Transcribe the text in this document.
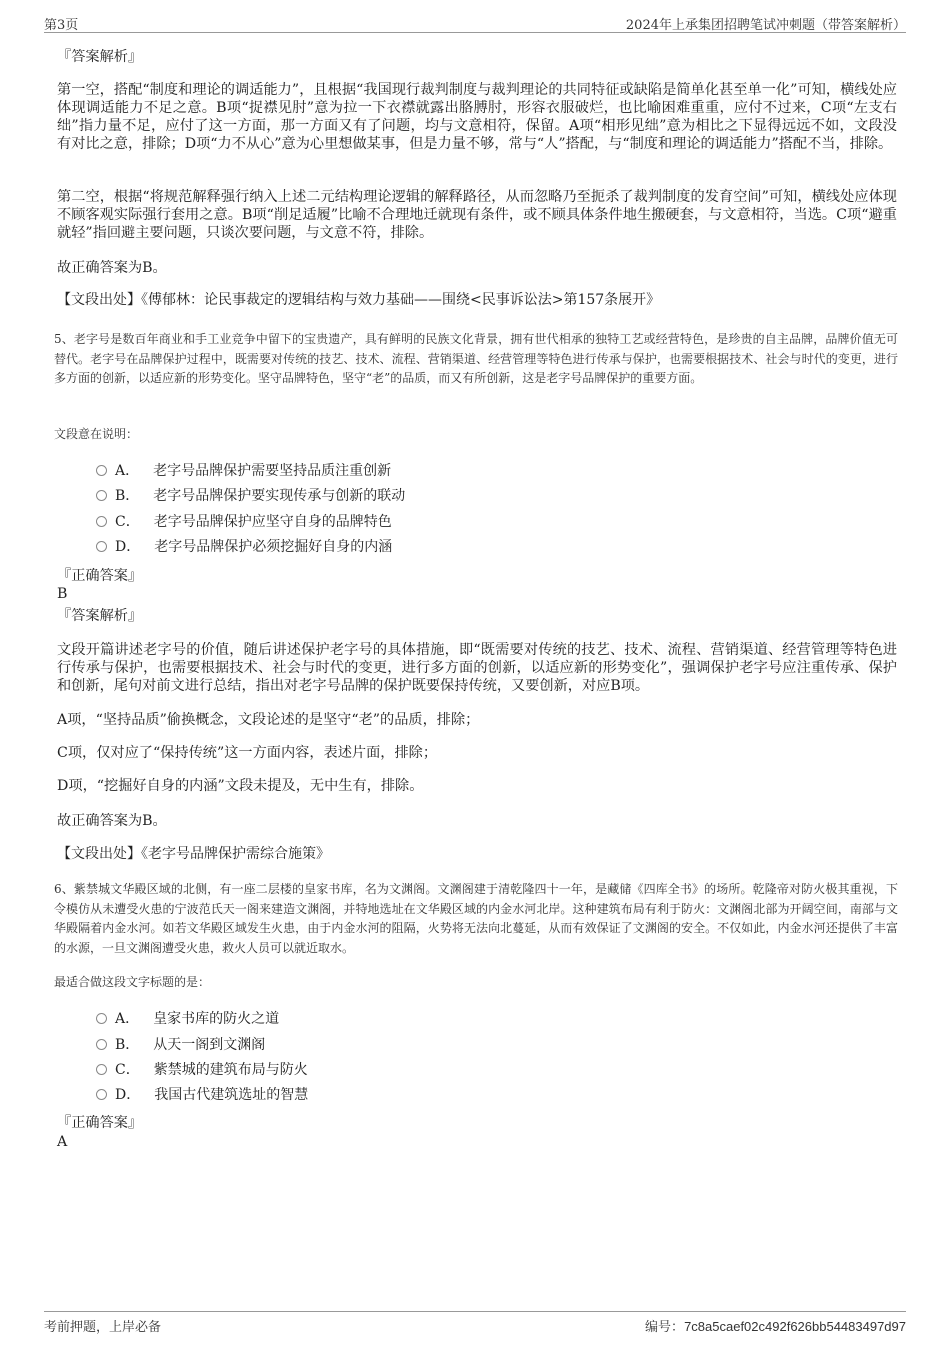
第3页	2024年上承集团招聘笔试冲刺题（带答案解析）
『答案解析』
第一空，搭配“制度和理论的调适能力”，且根据“我国现行裁判制度与裁判理论的共同特征或缺陷是简单化甚至单一化”可知，横线处应体现调适能力不足之意。B项“捉襟见肘”意为拉一下衣襟就露出胳膊肘，形容衣服破烂，也比喻困难重重，应付不过来，C项“左支右绌”指力量不足，应付了这一方面，那一方面又有了问题，均与文意相符，保留。A项“相形见绌”意为相比之下显得远远不如，文段没有对比之意，排除；D项“力不从心”意为心里想做某事，但是力量不够，常与“人”搭配，与“制度和理论的调适能力”搭配不当，排除。
第二空，根据“将规范解释强行纳入上述二元结构理论逻辑的解释路径，从而忽略乃至扼杀了裁判制度的发育空间”可知，横线处应体现不顾客观实际强行套用之意。B项“削足适履”比喻不合理地迁就现有条件，或不顾具体条件地生搬硬套，与文意相符，当选。C项“避重就轻”指回避主要问题，只谈次要问题，与文意不符，排除。
故正确答案为B。
【文段出处】《傅郁林：论民事裁定的逻辑结构与效力基础——围绕<民事诉讼法>第157条展开》
5、老字号是数百年商业和手工业竞争中留下的宝贵遗产，具有鲜明的民族文化背景，拥有世代相承的独特工艺或经营特色，是珍贵的自主品牌，品牌价值无可替代。老字号在品牌保护过程中，既需要对传统的技艺、技术、流程、营销渠道、经营管理等特色进行传承与保护，也需要根据技术、社会与时代的变更，进行多方面的创新，以适应新的形势变化。坚守品牌特色，坚守“老”的品质，而又有所创新，这是老字号品牌保护的重要方面。
文段意在说明：
A． 老字号品牌保护需要坚持品质注重创新
B． 老字号品牌保护要实现传承与创新的联动
C． 老字号品牌保护应坚守自身的品牌特色
D． 老字号品牌保护必须挖掘好自身的内涵
『正确答案』
B
『答案解析』
文段开篇讲述老字号的价值，随后讲述保护老字号的具体措施，即“既需要对传统的技艺、技术、流程、营销渠道、经营管理等特色进行传承与保护，也需要根据技术、社会与时代的变更，进行多方面的创新，以适应新的形势变化”，强调保护老字号应注重传承、保护和创新，尾句对前文进行总结，指出对老字号品牌的保护既要保持传统，又要创新，对应B项。
A项，“坚持品质”偷换概念，文段论述的是坚守“老”的品质，排除；
C项，仅对应了“保持传统”这一方面内容，表述片面，排除；
D项，“挖掘好自身的内涵”文段未提及，无中生有，排除。
故正确答案为B。
【文段出处】《老字号品牌保护需综合施策》
6、紫禁城文华殿区域的北侧，有一座二层楼的皇家书库，名为文渊阁。文渊阁建于清乾隆四十一年，是藏储《四库全书》的场所。乾隆帝对防火极其重视，下令模仿从未遭受火患的宁波范氏天一阁来建造文渊阁，并特地选址在文华殿区域的内金水河北岸。这种建筑布局有利于防火：文渊阁北部为开阔空间，南部与文华殿隔着内金水河。如若文华殿区域发生火患，由于内金水河的阻隔，火势将无法向北蔓延，从而有效保证了文渊阁的安全。不仅如此，内金水河还提供了丰富的水源，一旦文渊阁遭受火患，救火人员可以就近取水。
最适合做这段文字标题的是：
A． 皇家书库的防火之道
B． 从天一阁到文渊阁
C． 紫禁城的建筑布局与防火
D． 我国古代建筑选址的智慧
『正确答案』
A
考前押题，上岸必备	编号：7c8a5caef02c492f626bb54483497d97
